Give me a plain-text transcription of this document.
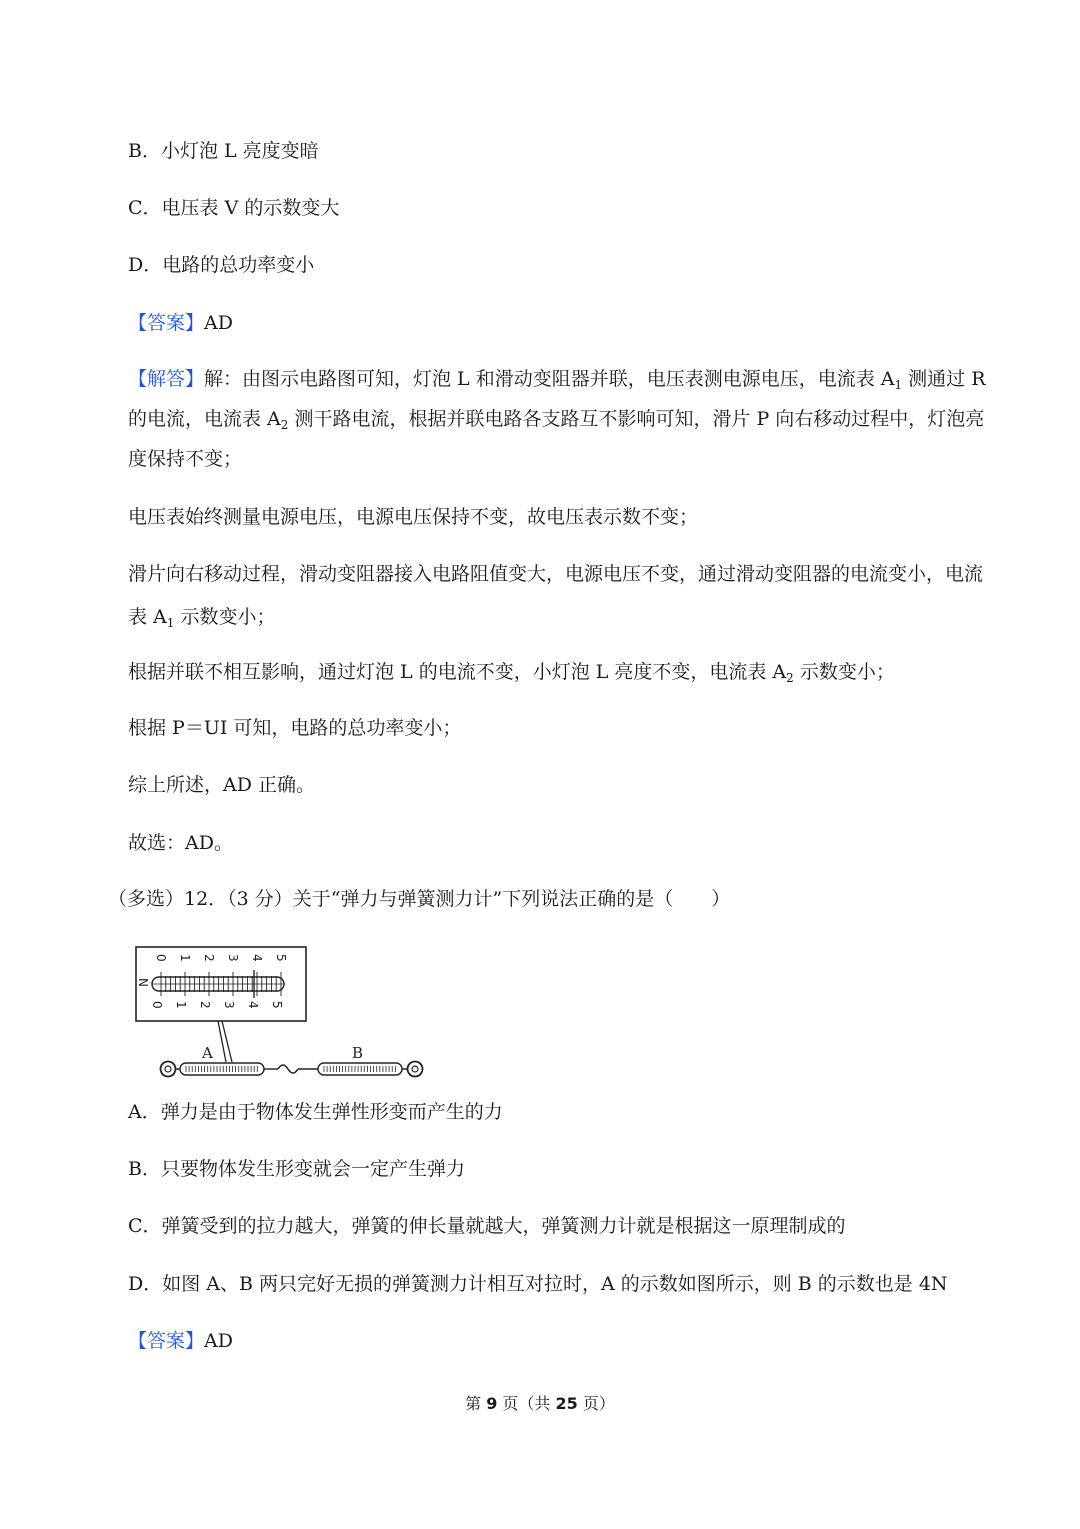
B．小灯泡 L 亮度变暗

C．电压表 V 的示数变大

D．电路的总功率变小

【答案】AD

【解答】解：由图示电路图可知，灯泡 L 和滑动变阻器并联，电压表测电源电压，电流表 $A_1$ 测通过 R

的电流，电流表 $A_2$ 测干路电流，根据并联电路各支路互不影响可知，滑片 P 向右移动过程中，灯泡亮

度保持不变；

电压表始终测量电源电压，电源电压保持不变，故电压表示数不变；

滑片向右移动过程，滑动变阻器接入电路阻值变大，电源电压不变，通过滑动变阻器的电流变小，电流

表 $A_1$ 示数变小；

根据并联不相互影响，通过灯泡 L 的电流不变，小灯泡 L 亮度不变，电流表 $A_2$ 示数变小；

根据 P＝UI 可知，电路的总功率变小；

综上所述，AD 正确。

故选：AD。

（多选）12．（3 分）关于“弹力与弹簧测力计”下列说法正确的是（　　）

0 1 2 3 4 5
N
0 1 2 3 4 5
A	B

A．弹力是由于物体发生弹性形变而产生的力

B．只要物体发生形变就会一定产生弹力

C．弹簧受到的拉力越大，弹簧的伸长量就越大，弹簧测力计就是根据这一原理制成的

D．如图 A、B 两只完好无损的弹簧测力计相互对拉时，A 的示数如图所示，则 B 的示数也是 4N

【答案】AD

第 9 页（共 25 页）
